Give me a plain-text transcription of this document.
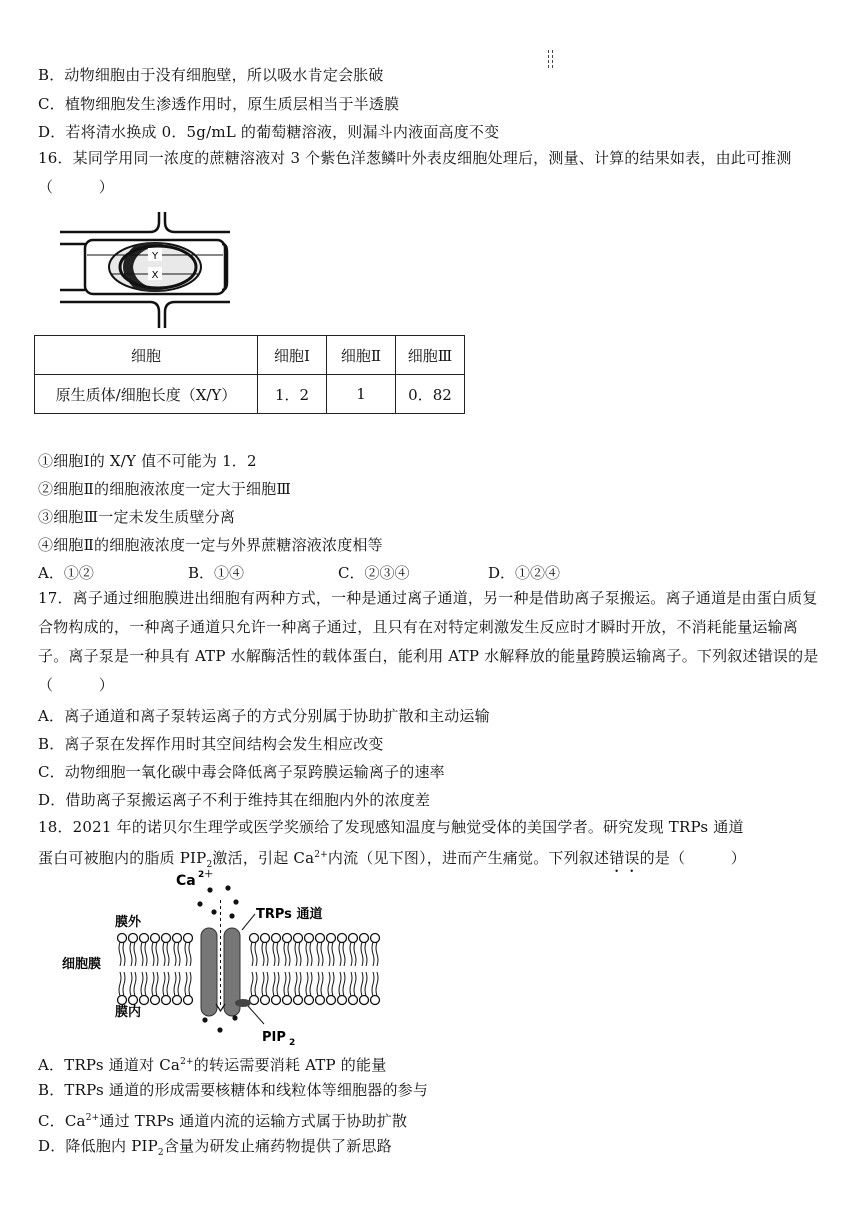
B．动物细胞由于没有细胞壁，所以吸水肯定会胀破
C．植物细胞发生渗透作用时，原生质层相当于半透膜
D．若将清水换成 0．5g/mL 的葡萄糖溶液，则漏斗内液面高度不变
16．某同学用同一浓度的蔗糖溶液对 3 个紫色洋葱鳞叶外表皮细胞处理后，测量、计算的结果如表，由此可推测（　　　）
Y
X
细胞	细胞Ⅰ	细胞Ⅱ	细胞Ⅲ
原生质体/细胞长度（X/Y）	1．2	1	0．82
①细胞Ⅰ的 X/Y 值不可能为 1．2
②细胞Ⅱ的细胞液浓度一定大于细胞Ⅲ
③细胞Ⅲ一定未发生质壁分离
④细胞Ⅱ的细胞液浓度一定与外界蔗糖溶液浓度相等
A．①②	B．①④	C．②③④	D．①②④
17．离子通过细胞膜进出细胞有两种方式，一种是通过离子通道，另一种是借助离子泵搬运。离子通道是由蛋白质复合物构成的，一种离子通道只允许一种离子通过，且只有在对特定刺激发生反应时才瞬时开放，不消耗能量运输离子。离子泵是一种具有 ATP 水解酶活性的载体蛋白，能利用 ATP 水解释放的能量跨膜运输离子。下列叙述错误的是（　　　）
A．离子通道和离子泵转运离子的方式分别属于协助扩散和主动运输
B．离子泵在发挥作用时其空间结构会发生相应改变
C．动物细胞一氧化碳中毒会降低离子泵跨膜运输离子的速率
D．借助离子泵搬运离子不利于维持其在细胞内外的浓度差
18．2021 年的诺贝尔生理学或医学奖颁给了发现感知温度与触觉受体的美国学者。研究发现 TRPs 通道
蛋白可被胞内的脂质 $PIP_2$激活，引起 $Ca^{2+}$内流（见下图），进而产生痛觉。下列叙述错误的是（　　　）
Ca 2＋
TRPs 通道
膜外
细胞膜
膜内
PIP 2
A．TRPs 通道对 $Ca^{2+}$的转运需要消耗 ATP 的能量
B．TRPs 通道的形成需要核糖体和线粒体等细胞器的参与
C．$Ca^{2+}$通过 TRPs 通道内流的运输方式属于协助扩散
D．降低胞内 $PIP_2$含量为研发止痛药物提供了新思路
